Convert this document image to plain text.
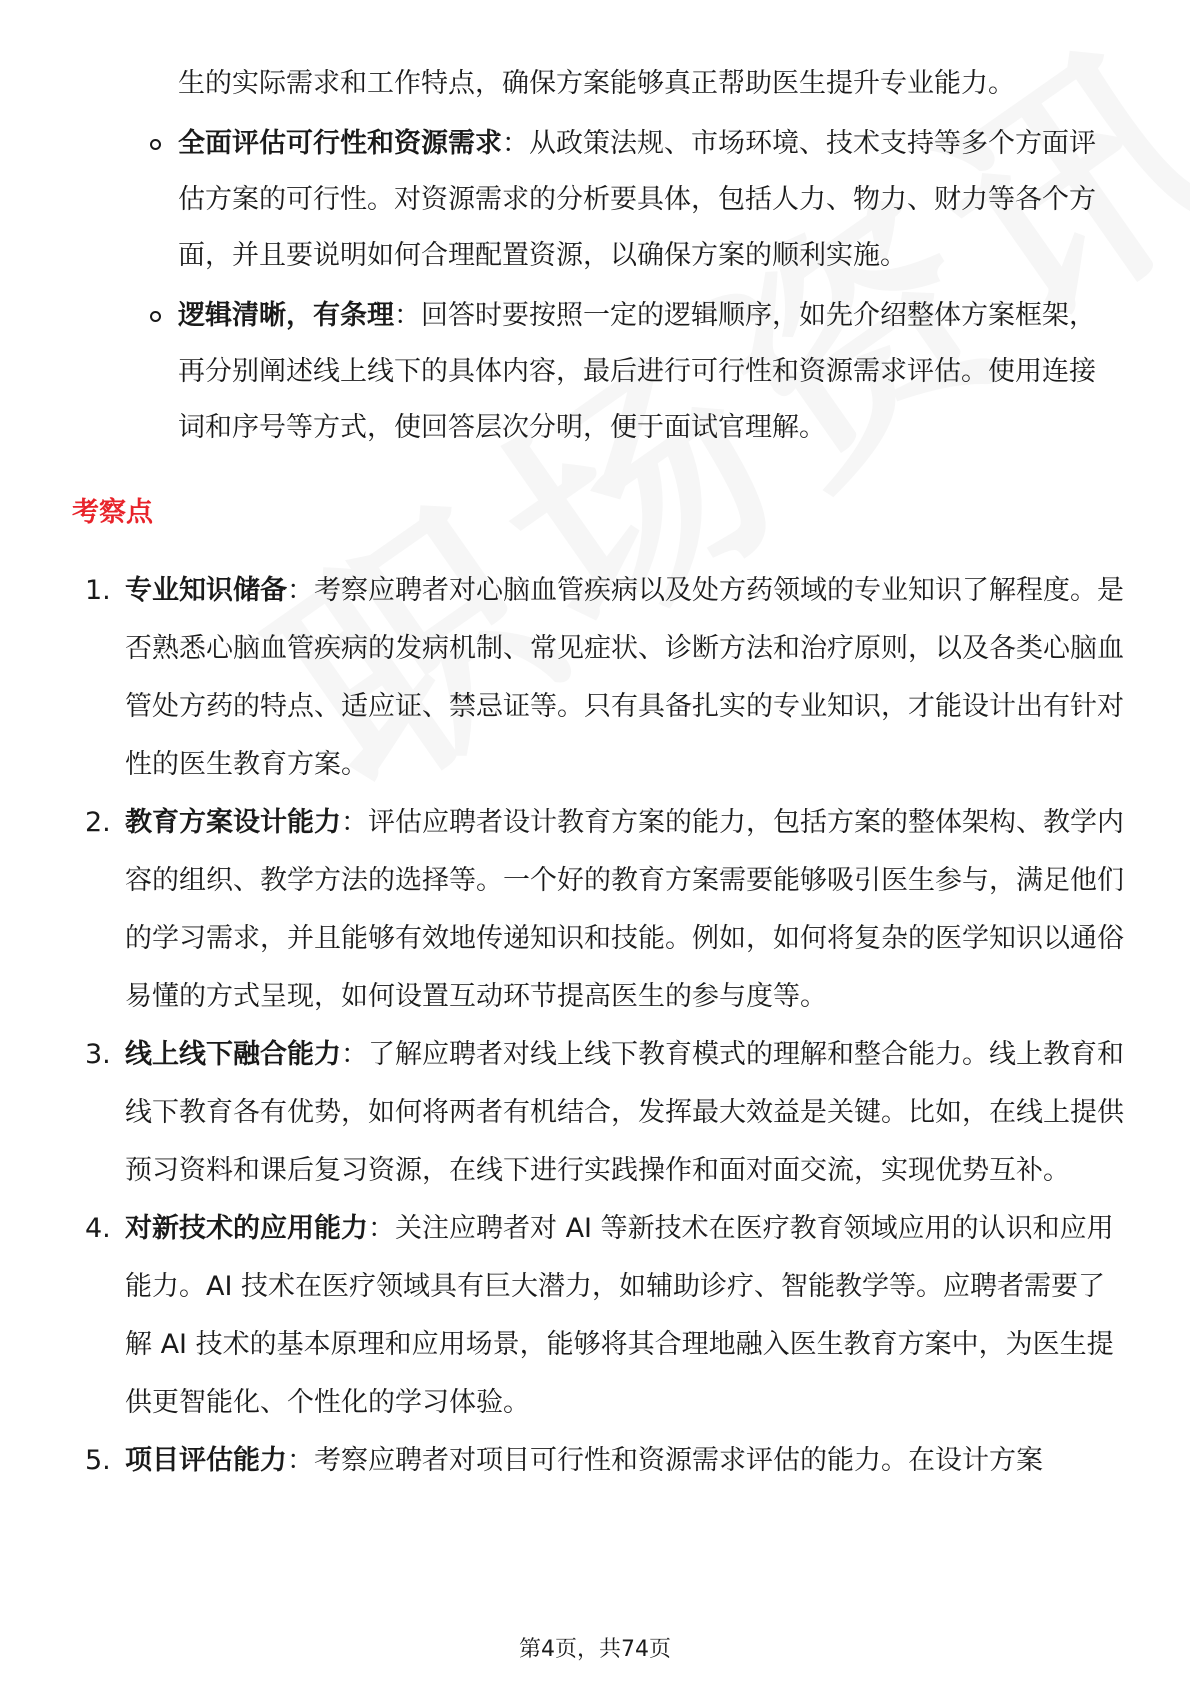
生的实际需求和工作特点，确保方案能够真正帮助医生提升专业能力。
全面评估可行性和资源需求：从政策法规、市场环境、技术支持等多个方面评估方案的可行性。对资源需求的分析要具体，包括人力、物力、财力等各个方面，并且要说明如何合理配置资源，以确保方案的顺利实施。
逻辑清晰，有条理：回答时要按照一定的逻辑顺序，如先介绍整体方案框架，再分别阐述线上线下的具体内容，最后进行可行性和资源需求评估。使用连接词和序号等方式，使回答层次分明，便于面试官理解。
考察点
1. 专业知识储备：考察应聘者对心脑血管疾病以及处方药领域的专业知识了解程度。是否熟悉心脑血管疾病的发病机制、常见症状、诊断方法和治疗原则，以及各类心脑血管处方药的特点、适应证、禁忌证等。只有具备扎实的专业知识，才能设计出有针对性的医生教育方案。
2. 教育方案设计能力：评估应聘者设计教育方案的能力，包括方案的整体架构、教学内容的组织、教学方法的选择等。一个好的教育方案需要能够吸引医生参与，满足他们的学习需求，并且能够有效地传递知识和技能。例如，如何将复杂的医学知识以通俗易懂的方式呈现，如何设置互动环节提高医生的参与度等。
3. 线上线下融合能力：了解应聘者对线上线下教育模式的理解和整合能力。线上教育和线下教育各有优势，如何将两者有机结合，发挥最大效益是关键。比如，在线上提供预习资料和课后复习资源，在线下进行实践操作和面对面交流，实现优势互补。
4. 对新技术的应用能力：关注应聘者对 AI 等新技术在医疗教育领域应用的认识和应用能力。AI 技术在医疗领域具有巨大潜力，如辅助诊疗、智能教学等。应聘者需要了解 AI 技术的基本原理和应用场景，能够将其合理地融入医生教育方案中，为医生提供更智能化、个性化的学习体验。
5. 项目评估能力：考察应聘者对项目可行性和资源需求评估的能力。在设计方案
第4页，共74页
